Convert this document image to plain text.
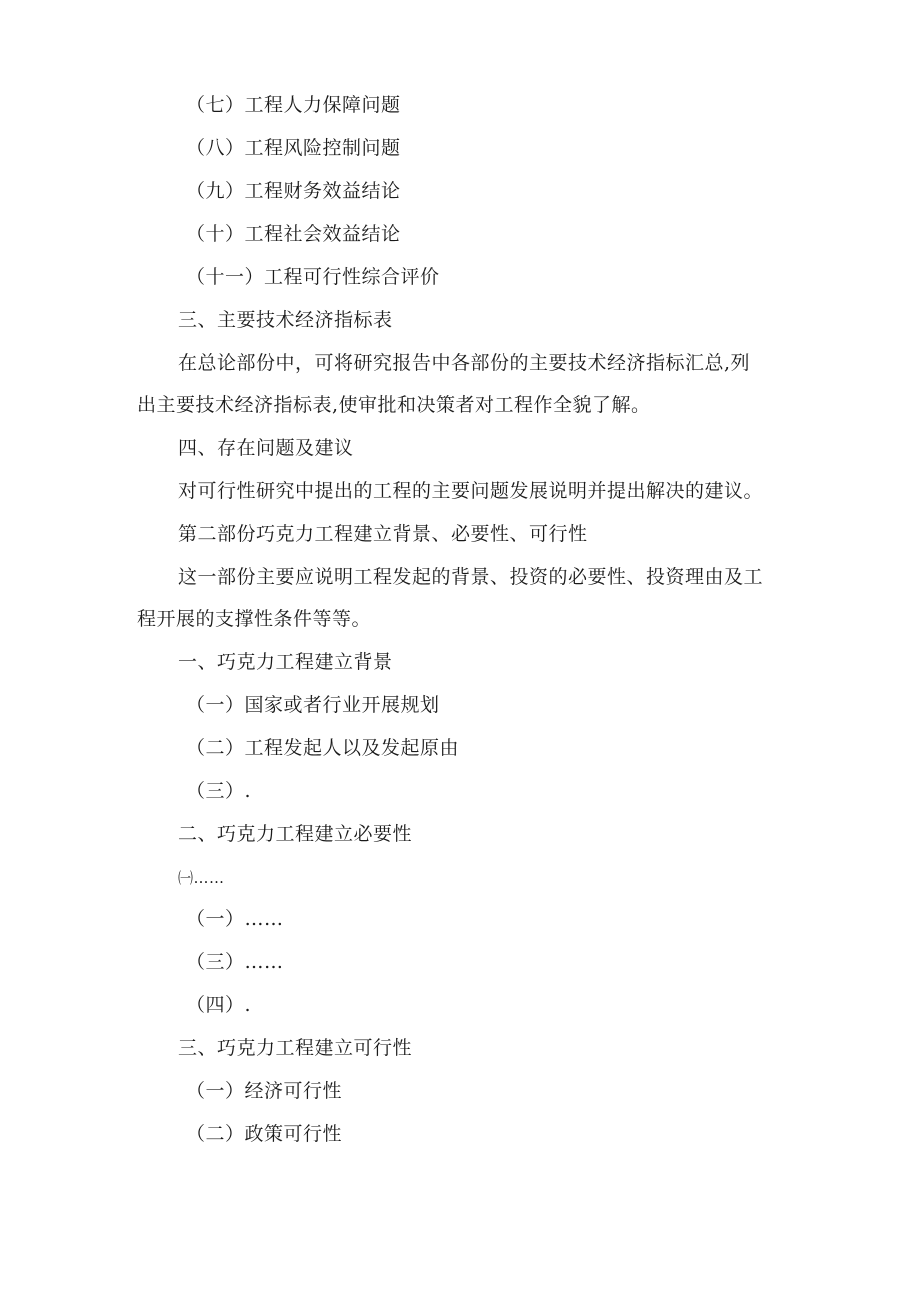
（七）工程人力保障问题
（八）工程风险控制问题
（九）工程财务效益结论
（十）工程社会效益结论
（十一）工程可行性综合评价
三、主要技术经济指标表
在总论部份中，可将研究报告中各部份的主要技术经济指标汇总,列
出主要技术经济指标表,使审批和决策者对工程作全貌了解。
四、存在问题及建议
对可行性研究中提出的工程的主要问题发展说明并提出解决的建议。
第二部份巧克力工程建立背景、必要性、可行性
这一部份主要应说明工程发起的背景、投资的必要性、投资理由及工
程开展的支撑性条件等等。
一、巧克力工程建立背景
（一）国家或者行业开展规划
（二）工程发起人以及发起原由
（三）.
二、巧克力工程建立必要性
㈠……
（一）……
（三）……
（四）.
三、巧克力工程建立可行性
（一）经济可行性
（二）政策可行性
